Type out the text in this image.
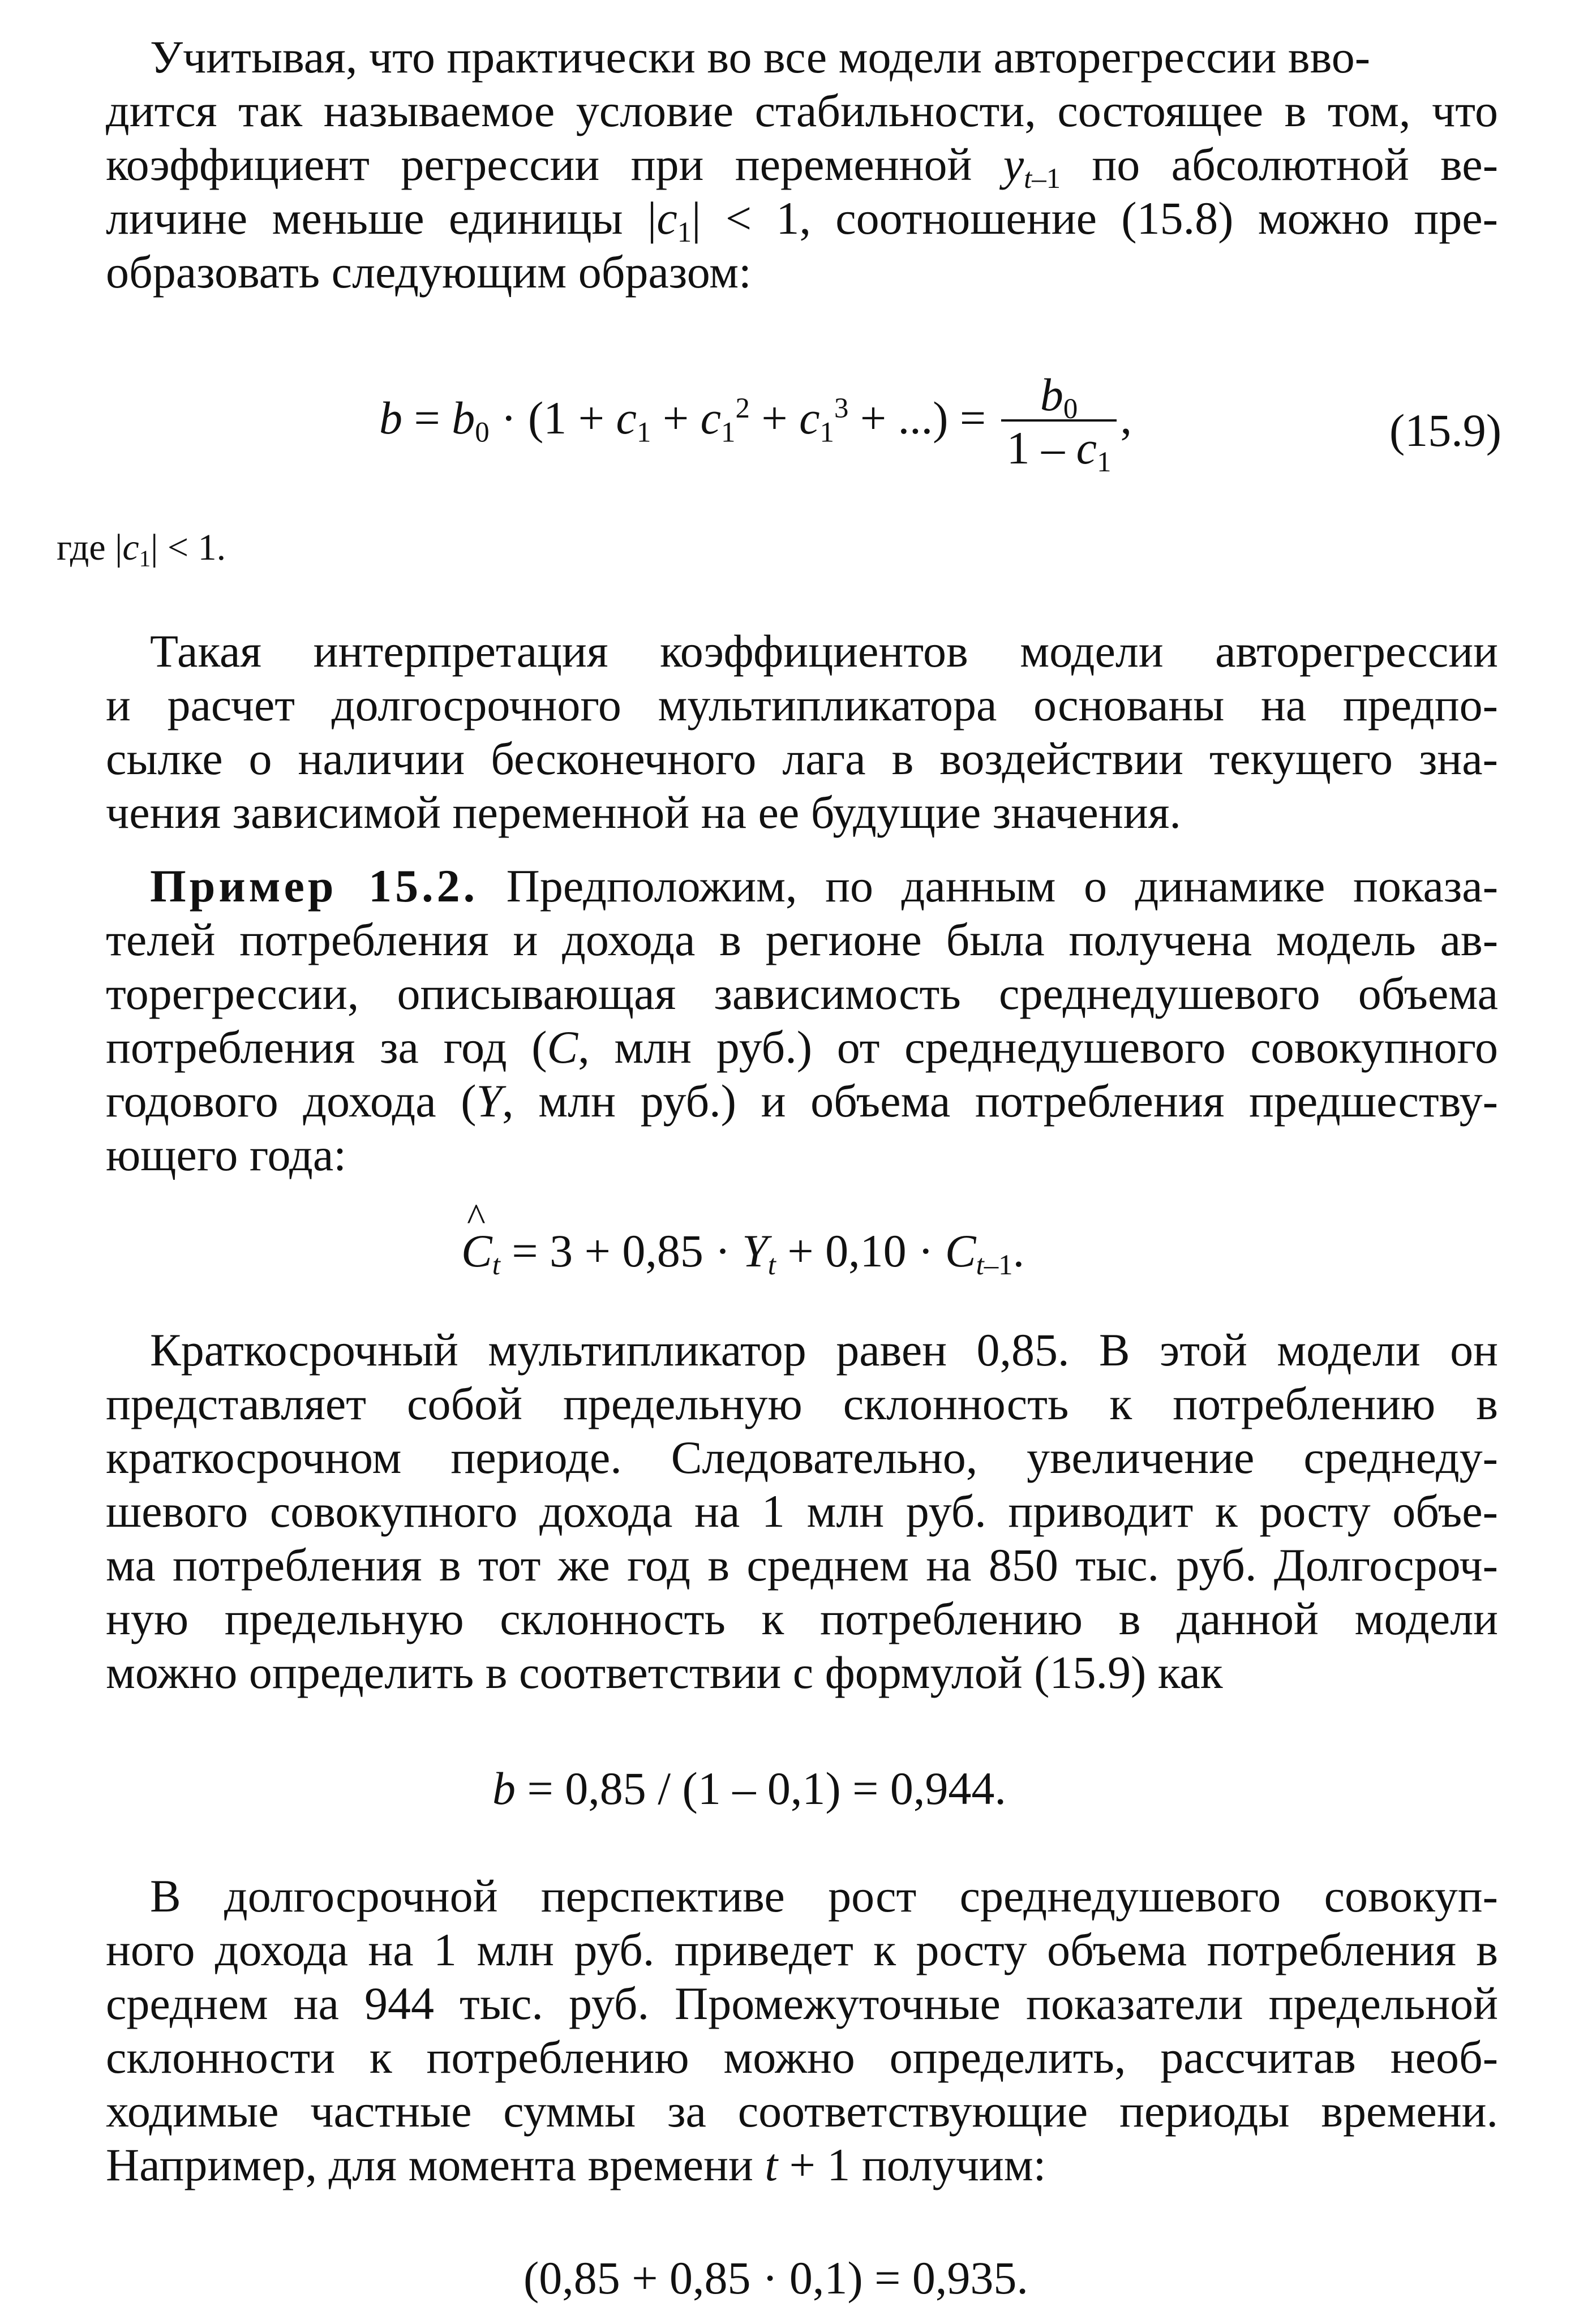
Учитывая, что практически во все модели авторегрессии вво-
дится так называемое условие стабильности, состоящее в том, что
коэффициент регрессии при переменной $y_{t-1}$ по абсолютной ве-
личине меньше единицы $|c_1| < 1$, соотношение (15.8) можно пре-
образовать следующим образом:
$b = b_0 \cdot (1 + c_1 + c_1^2 + c_1^3$ + ...) = $\frac{b_0}{1 - c_1}$ ,	(15.9)
где $|c_1| < 1$.
Такая интерпретация коэффициентов модели авторегрессии
и расчет долгосрочного мультипликатора основаны на предпо-
сылке о наличии бесконечного лага в воздействии текущего зна-
чения зависимой переменной на ее будущие значения.
Пример 15.2. Предположим, по данным о динамике показа-
телей потребления и дохода в регионе была получена модель ав-
торегрессии, описывающая зависимость среднедушевого объема
потребления за год (C, млн руб.) от среднедушевого совокупного
годового дохода (Y, млн руб.) и объема потребления предшеству-
ющего года:
^ $C_t = 3 + 0,85 \cdot Y_t + 0,10 \cdot C_{t-1}$.
Краткосрочный мультипликатор равен 0,85. В этой модели он
представляет собой предельную склонность к потреблению в
краткосрочном периоде. Следовательно, увеличение среднеду-
шевого совокупного дохода на 1 млн руб. приводит к росту объе-
ма потребления в тот же год в среднем на 850 тыс. руб. Долгосроч-
ную предельную склонность к потреблению в данной модели
можно определить в соответствии с формулой (15.9) как
b = 0,85 / (1 – 0,1) = 0,944.
В долгосрочной перспективе рост среднедушевого совокуп-
ного дохода на 1 млн руб. приведет к росту объема потребления в
среднем на 944 тыс. руб. Промежуточные показатели предельной
склонности к потреблению можно определить, рассчитав необ-
ходимые частные суммы за соответствующие периоды времени.
Например, для момента времени t + 1 получим:
(0,85 + 0,85 · 0,1) = 0,935.
